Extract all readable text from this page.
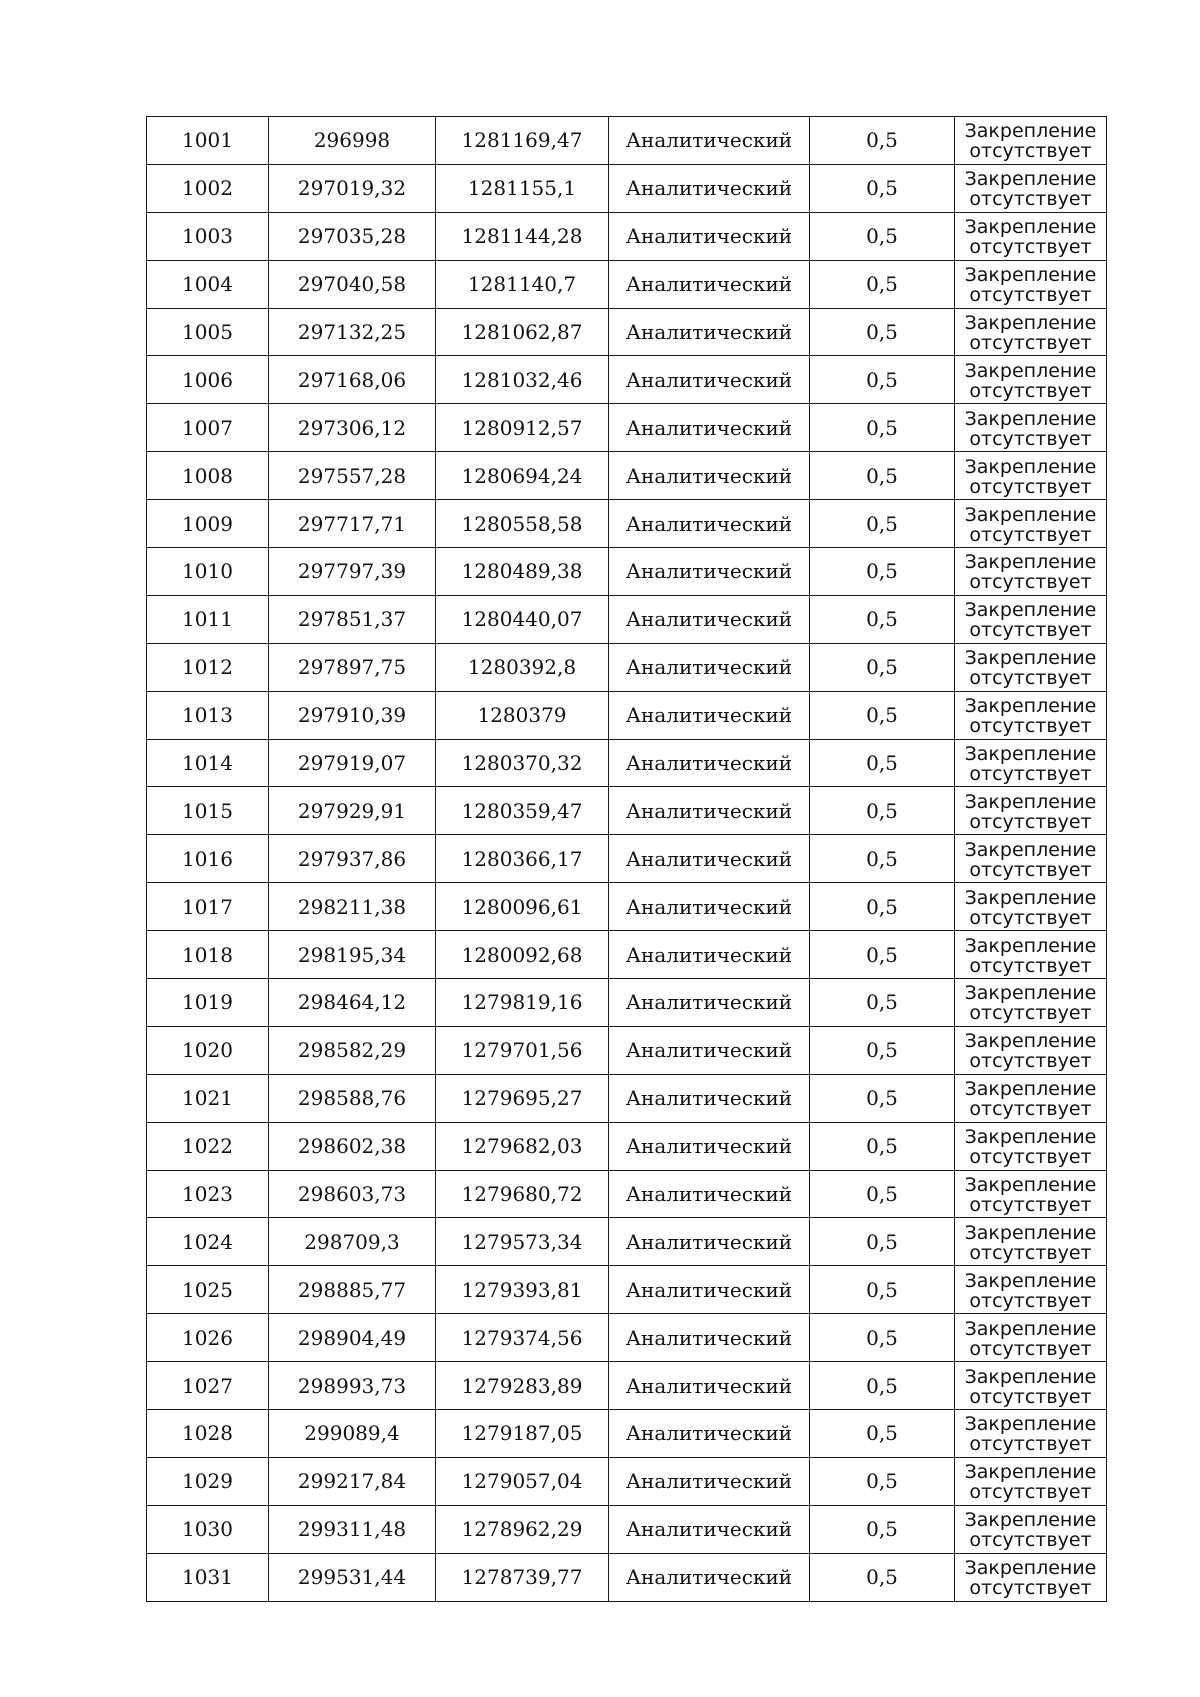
1001	296998	1281169,47	Аналитический	0,5	Закрепление
отсутствует

1002	297019,32	1281155,1	Аналитический	0,5	Закрепление
отсутствует

1003	297035,28	1281144,28	Аналитический	0,5	Закрепление
отсутствует

1004	297040,58	1281140,7	Аналитический	0,5	Закрепление
отсутствует

1005	297132,25	1281062,87	Аналитический	0,5	Закрепление
отсутствует

1006	297168,06	1281032,46	Аналитический	0,5	Закрепление
отсутствует

1007	297306,12	1280912,57	Аналитический	0,5	Закрепление
отсутствует

1008	297557,28	1280694,24	Аналитический	0,5	Закрепление
отсутствует

1009	297717,71	1280558,58	Аналитический	0,5	Закрепление
отсутствует

1010	297797,39	1280489,38	Аналитический	0,5	Закрепление
отсутствует

1011	297851,37	1280440,07	Аналитический	0,5	Закрепление
отсутствует

1012	297897,75	1280392,8	Аналитический	0,5	Закрепление
отсутствует

1013	297910,39	1280379	Аналитический	0,5	Закрепление
отсутствует

1014	297919,07	1280370,32	Аналитический	0,5	Закрепление
отсутствует

1015	297929,91	1280359,47	Аналитический	0,5	Закрепление
отсутствует

1016	297937,86	1280366,17	Аналитический	0,5	Закрепление
отсутствует

1017	298211,38	1280096,61	Аналитический	0,5	Закрепление
отсутствует

1018	298195,34	1280092,68	Аналитический	0,5	Закрепление
отсутствует

1019	298464,12	1279819,16	Аналитический	0,5	Закрепление
отсутствует

1020	298582,29	1279701,56	Аналитический	0,5	Закрепление
отсутствует

1021	298588,76	1279695,27	Аналитический	0,5	Закрепление
отсутствует

1022	298602,38	1279682,03	Аналитический	0,5	Закрепление
отсутствует

1023	298603,73	1279680,72	Аналитический	0,5	Закрепление
отсутствует

1024	298709,3	1279573,34	Аналитический	0,5	Закрепление
отсутствует

1025	298885,77	1279393,81	Аналитический	0,5	Закрепление
отсутствует

1026	298904,49	1279374,56	Аналитический	0,5	Закрепление
отсутствует

1027	298993,73	1279283,89	Аналитический	0,5	Закрепление
отсутствует

1028	299089,4	1279187,05	Аналитический	0,5	Закрепление
отсутствует

1029	299217,84	1279057,04	Аналитический	0,5	Закрепление
отсутствует

1030	299311,48	1278962,29	Аналитический	0,5	Закрепление
отсутствует

1031	299531,44	1278739,77	Аналитический	0,5	Закрепление
отсутствует
